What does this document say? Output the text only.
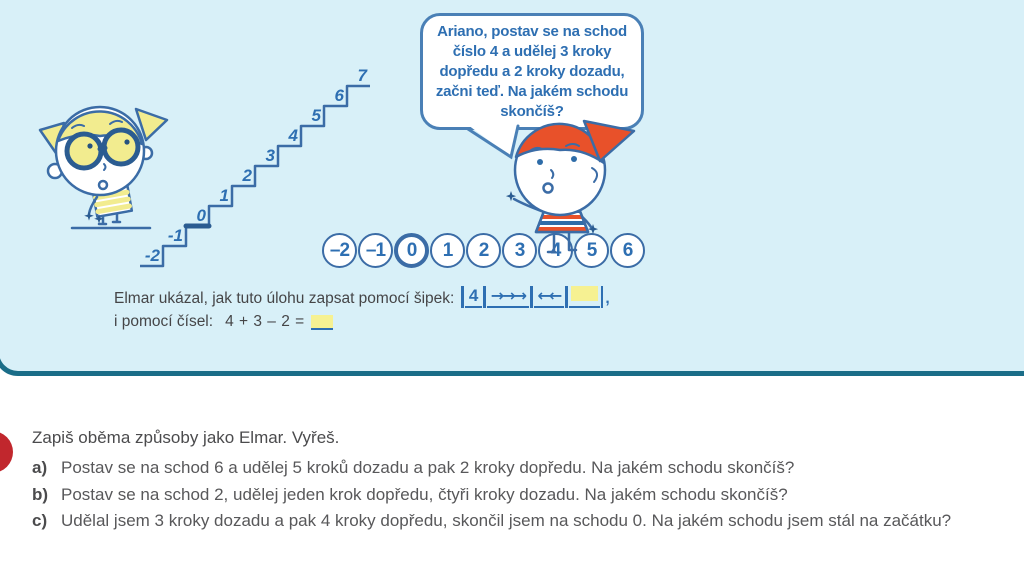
Ariano, postav se na schod
číslo 4 a udělej 3 kroky
dopředu a 2 kroky dozadu,
začni teď. Na jakém schodu
skončíš?
–2 –1	0	1	2	3	4	5	6
Elmar ukázal, jak tuto úlohu zapsat pomocí šipek: 4 →→→ ←←	,
i pomocí čísel: 4 + 3 – 2 =
-2
-1
0
1
2
3
4
5
6
7

Zapiš oběma způsoby jako Elmar. Vyřeš.

a) Postav se na schod 6 a udělej 5 kroků dozadu a pak 2 kroky dopředu. Na jakém schodu skončíš?
b) Postav se na schod 2, udělej jeden krok dopředu, čtyři kroky dozadu. Na jakém schodu skončíš?
c) Udělal jsem 3 kroky dozadu a pak 4 kroky dopředu, skončil jsem na schodu 0. Na jakém schodu jsem stál na začátku?
